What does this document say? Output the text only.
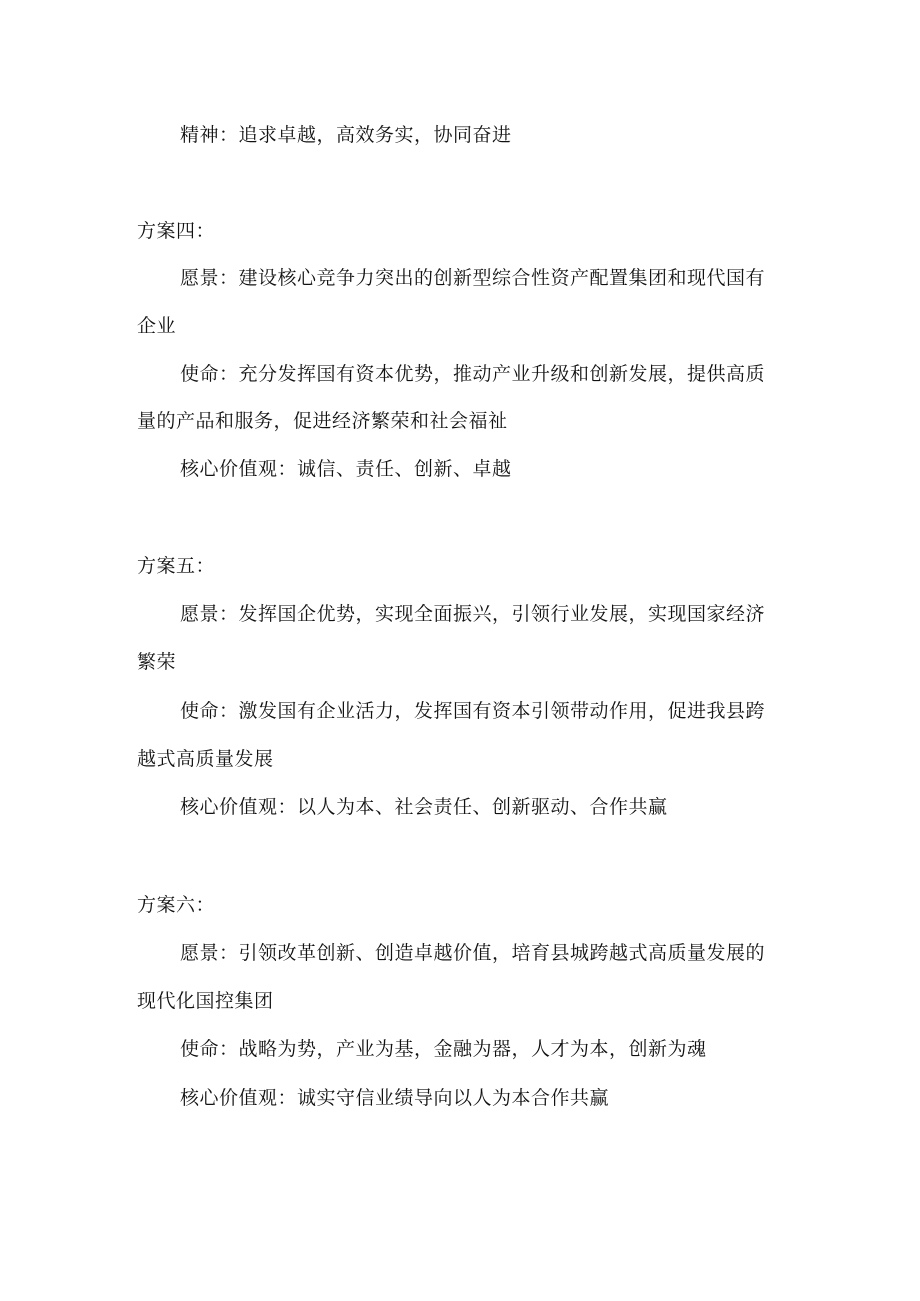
精神：追求卓越，高效务实，协同奋进
方案四：
愿景：建设核心竞争力突出的创新型综合性资产配置集团和现代国有
企业
使命：充分发挥国有资本优势，推动产业升级和创新发展，提供高质
量的产品和服务，促进经济繁荣和社会福祉
核心价值观：诚信、责任、创新、卓越
方案五：
愿景：发挥国企优势，实现全面振兴，引领行业发展，实现国家经济
繁荣
使命：激发国有企业活力，发挥国有资本引领带动作用，促进我县跨
越式高质量发展
核心价值观：以人为本、社会责任、创新驱动、合作共赢
方案六：
愿景：引领改革创新、创造卓越价值，培育县城跨越式高质量发展的
现代化国控集团
使命：战略为势，产业为基，金融为器，人才为本，创新为魂
核心价值观：诚实守信业绩导向以人为本合作共赢
